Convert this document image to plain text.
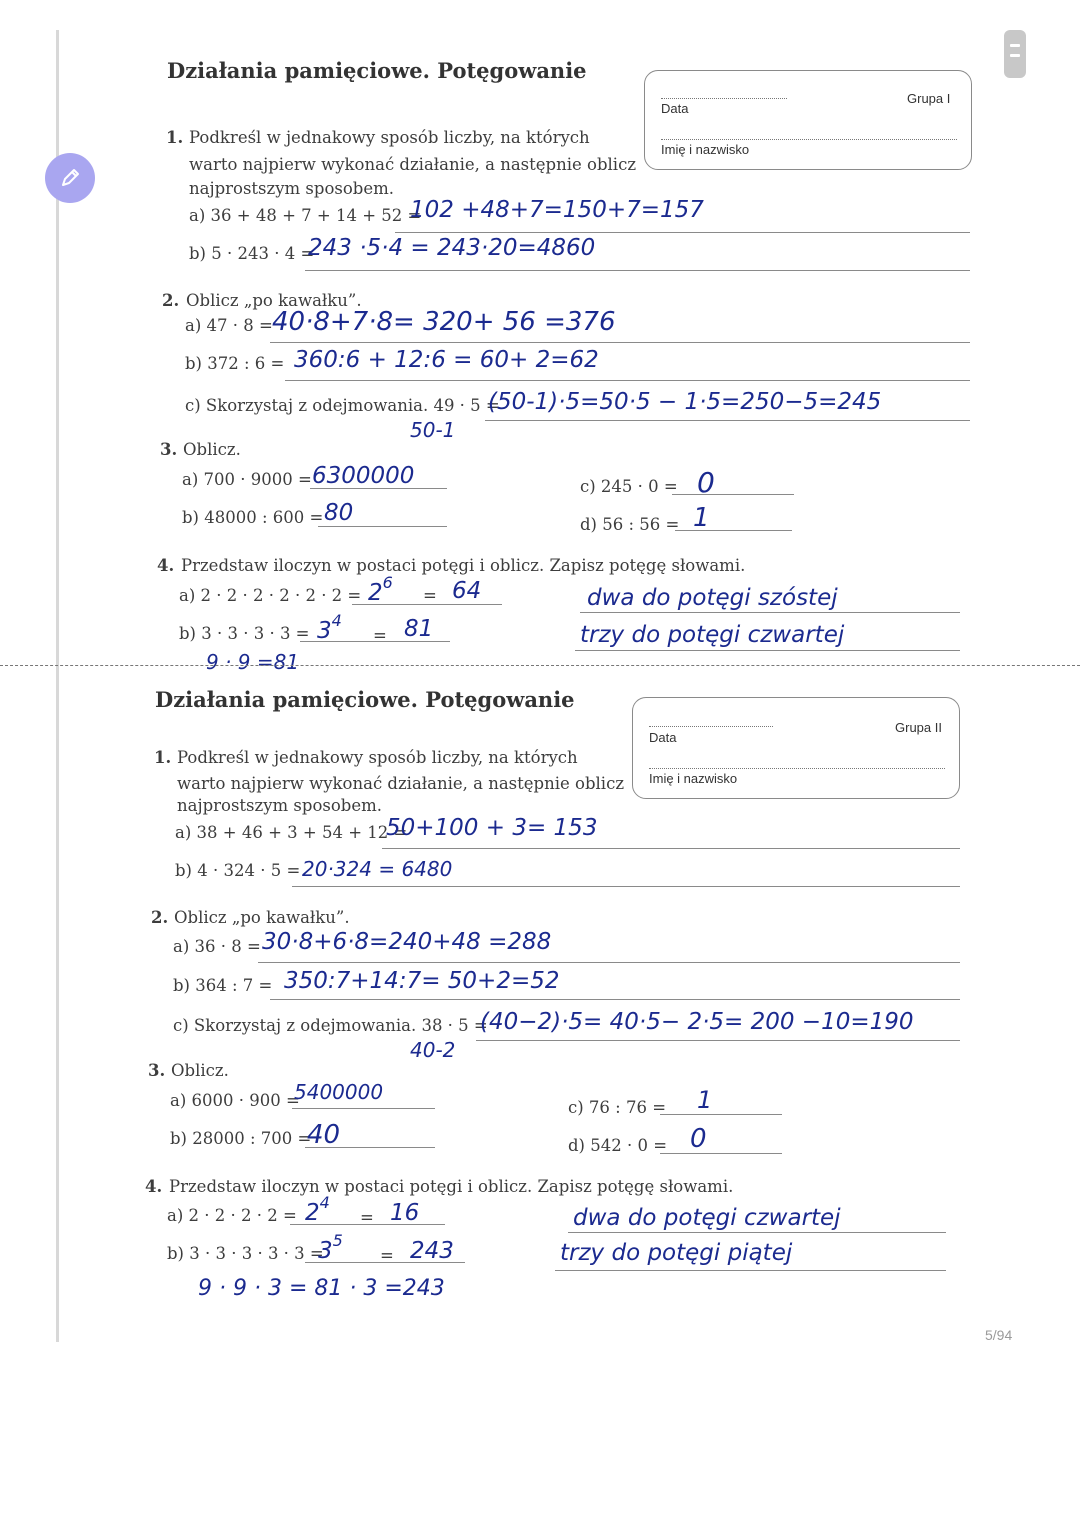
Działania pamięciowe. Potęgowanie
Data
Imię i nazwisko
Grupa I
1. Podkreśl w jednakowy sposób liczby, na których
warto najpierw wykonać działanie, a następnie oblicz
najprostszym sposobem.
a) 36 + 48 + 7 + 14 + 52 =
102 +48+7=150+7=157
b) 5 · 243 · 4 =
243 ·5·4 = 243·20=4860
2. Oblicz „po kawałku”.
a) 47 · 8 = 40·8+7·8= 320+ 56 =376
b) 372 : 6 = 360:6 + 12:6 = 60+ 2=62
c) Skorzystaj z odejmowania. 49 · 5 =
(50-1)·5=50·5 − 1·5=250−5=245
50-1
3. Oblicz.
a) 700 · 9000 = 6300000
b) 48000 : 600 = 80
c) 245 · 0 = 0
d) 56 : 56 = 1
4. Przedstaw iloczyn w postaci potęgi i oblicz. Zapisz potęgę słowami.
a) $2 \cdot 2 \cdot 2 \cdot 2 \cdot 2 \cdot 2 = 2^6$
= 64	dwa do potęgi szóstej
b) $3 \cdot 3 \cdot 3 \cdot 3 = 3^4$
= 81	trzy do potęgi czwartej
9 · 9 =81
Działania pamięciowe. Potęgowanie
Data
Imię i nazwisko
Grupa II
1. Podkreśl w jednakowy sposób liczby, na których
warto najpierw wykonać działanie, a następnie oblicz
najprostszym sposobem.
a) 38 + 46 + 3 + 54 + 12 =
50+100 + 3= 153
b) 4 · 324 · 5 = 20·324 = 6480
2. Oblicz „po kawałku”.
a) 36 · 8 = 30·8+6·8=240+48 =288
b) 364 : 7 = 350:7+14:7= 50+2=52
c) Skorzystaj z odejmowania. 38 · 5 =
(40−2)·5= 40·5− 2·5= 200 −10=190
40-2
3. Oblicz.
a) 6000 · 900 =
5400000
b) 28000 : 700 =
40
c) 76 : 76 = 1
d) 542 · 0 = 0
4. Przedstaw iloczyn w postaci potęgi i oblicz. Zapisz potęgę słowami.
a) $2 \cdot 2 \cdot 2 \cdot 2 = 2^4$
= 16	dwa do potęgi czwartej
b) 3 · 3 · 3 · 3 · 3 =
$3^5$
= 243	trzy do potęgi piątej
9 · 9 · 3 = 81 · 3 =243
5/94
